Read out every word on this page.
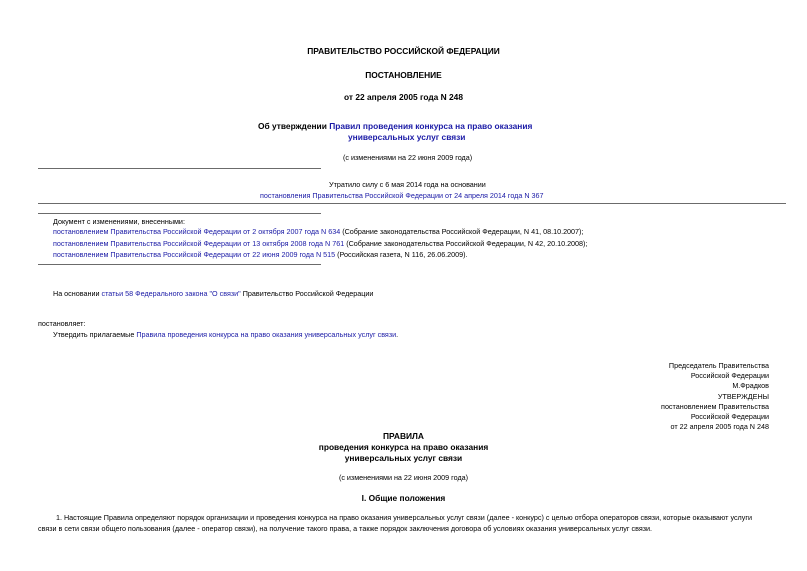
ПРАВИТЕЛЬСТВО РОССИЙСКОЙ ФЕДЕРАЦИИ
ПОСТАНОВЛЕНИЕ
от 22 апреля 2005 года N 248
Об утверждении Правил проведения конкурса на право оказания
универсальных услуг связи
(с изменениями на 22 июня 2009 года)
Утратило силу с 6 мая 2014 года на основании
постановления Правительства Российской Федерации от 24 апреля 2014 года N 367
Документ с изменениями, внесенными:
постановлением Правительства Российской Федерации от 2 октября 2007 года N 634 (Собрание законодательства Российской Федерации, N 41, 08.10.2007);
постановлением Правительства Российской Федерации от 13 октября 2008 года N 761 (Собрание законодательства Российской Федерации, N 42, 20.10.2008);
постановлением Правительства Российской Федерации от 22 июня 2009 года N 515 (Российская газета, N 116, 26.06.2009).
На основании статьи 58 Федерального закона "О связи" Правительство Российской Федерации
постановляет:
Утвердить прилагаемые Правила проведения конкурса на право оказания универсальных услуг связи.
Председатель Правительства
Российской Федерации
М.Фрадков
УТВЕРЖДЕНЫ
постановлением Правительства
Российской Федерации
от 22 апреля 2005 года N 248
ПРАВИЛА
проведения конкурса на право оказания
универсальных услуг связи
(с изменениями на 22 июня 2009 года)
I. Общие положения
1. Настоящие Правила определяют порядок организации и проведения конкурса на право оказания универсальных услуг связи (далее - конкурс) с целью отбора операторов связи, которые оказывают услуги связи в сети связи общего пользования (далее - оператор связи), на получение такого права, а также порядок заключения договора об условиях оказания универсальных услуг связи.
